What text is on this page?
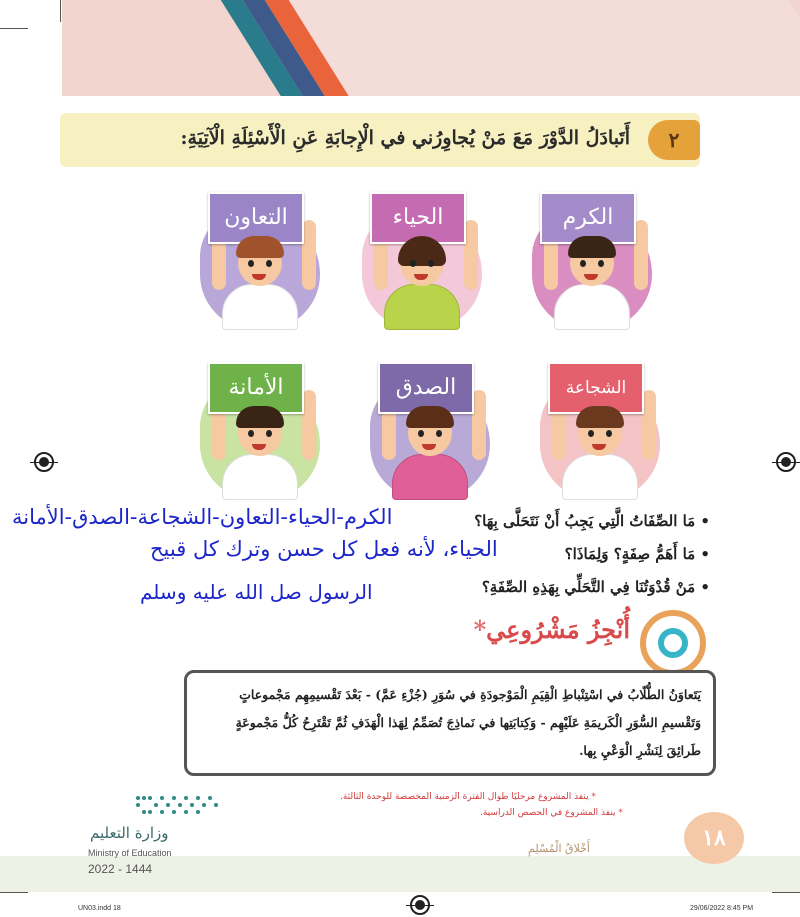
٢
أَتَبادَلُ الدَّوْرَ مَعَ مَنْ يُجاوِرُني في الْإِجابَةِ عَنِ الْأَسْئِلَةِ الْآتِيَةِ:
الكرم
الحياء
التعاون
الشجاعة
الصدق
الأمانة
• مَا الصِّفَاتُ الَّتِي يَجِبُ أَنْ نَتَحَلَّى بِهَا؟
الكرم-الحياء-التعاون-الشجاعة-الصدق-الأمانة
• مَا أَهَمُّ صِفَةٍ؟ وَلِمَاذَا؟
الحياء، لأنه فعل كل حسن وترك كل قبيح
• مَنْ قُدْوَتُنَا فِي التَّحَلِّي بِهَذِهِ الصِّفَةِ؟
الرسول صل الله عليه وسلم
أُنْجِزُ مَشْرُوعِي*
يَتَعاوَنُ الطُّلّابُ في اسْتِنْباطِ الْقِيَمِ الْمَوْجودَةِ في سُوَرِ (جُزْءِ عَمَّ) - بَعْدَ تَقْسيمِهِم مَجْموعاتٍ وَتَقْسيمِ السُّوَرِ الْكَريمَةِ عَلَيْهِم - وَكِتابَتِها في نَماذِجَ تُصَمِّمُ لِهَذا الْهَدَفِ ثُمَّ تَقْتَرِحُ كُلُّ مَجْموعَةٍ طَرائِقَ لِنَشْرِ الْوَعْيِ بِها.
* ينفذ المشروع مرحليًا طوال الفترة الزمنية المخصصة للوحدة الثالثة.
* ينفذ المشروع في الحصص الدراسية.
وزارة التعليم
Ministry of Education
2022 - 1444
١٨
أَخْلاقُ الْمُسْلِمِ
UN03.indd 18	29/06/2022 8:45 PM
